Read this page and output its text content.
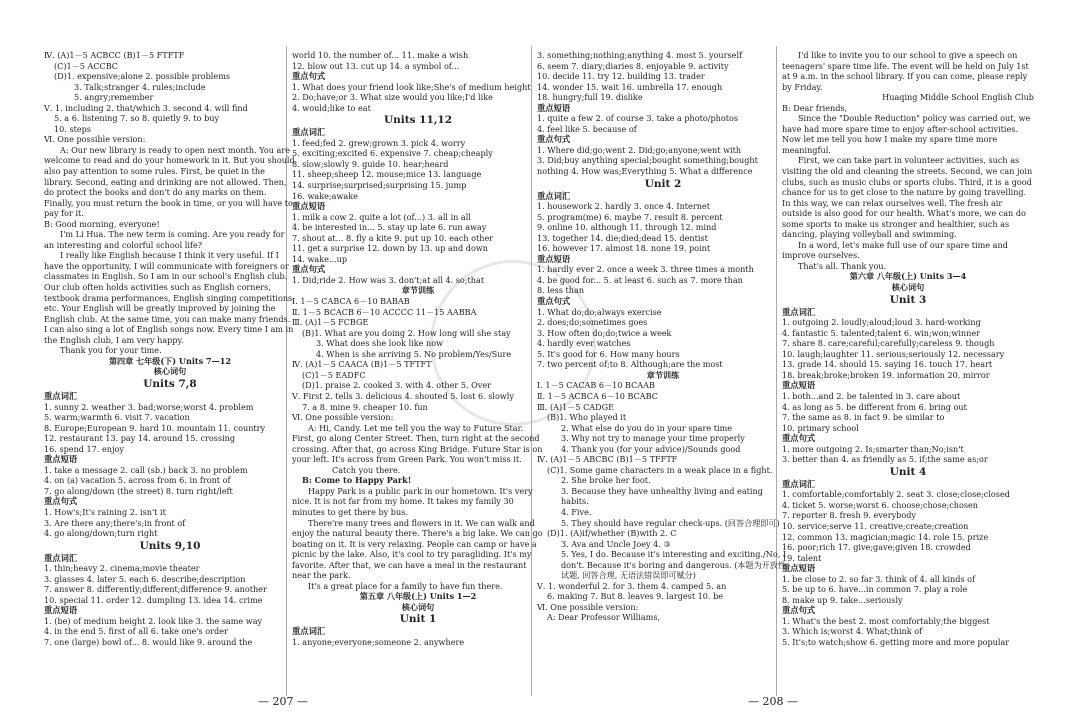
Ⅳ. (A)1－5 ACBCC (B)1－5 FTFTF

(C)1－5 ACCBC

(D)1. expensive;alone 2. possible problems

3. Talk;stranger 4. rules;include

5. angry;remember

Ⅴ. 1. including 2. that/which 3. second 4. will find

5. a 6. listening 7. so 8. quietly 9. to buy

10. steps

Ⅵ. One possible version:

A: Our new library is ready to open next month. You are welcome to read and do your homework in it. But you should also pay attention to some rules. First, be quiet in the library. Second, eating and drinking are not allowed. Then, do protect the books and don't do any marks on them. Finally, you must return the book in time, or you will have to pay for it.

B: Good morning, everyone!

I'm Li Hua. The new term is coming. Are you ready for an interesting and colorful school life?

I really like English because I think it very useful. If I have the opportunity, I will communicate with foreigners or classmates in English. So I am in our school's English club. Our club often holds activities such as English corners, textbook drama performances, English singing competitions, etc. Your English will be greatly improved by joining the English club. At the same time, you can make many friends. I can also sing a lot of English songs now. Every time I am in the English club, I am very happy.

Thank you for your time.

第四章 七年级(下) Units 7—12

核心词句

Units 7,8

重点词汇

1. sunny 2. weather 3. bad;worse;worst 4. problem

5. warm;warmth 6. visit 7. vacation

8. Europe;European 9. hard 10. mountain 11. country

12. restaurant 13. pay 14. around 15. crossing

16. spend 17. enjoy

重点短语

1. take a message 2. call (sb.) back 3. no problem

4. on (a) vacation 5. across from 6. in front of

7. go along/down (the street) 8. turn right/left

重点句式

1. How's;It's raining 2. isn't it

3. Are there any;there's;in front of

4. go along/down;turn right

Units 9,10

重点词汇

1. thin;heavy 2. cinema;movie theater

3. glasses 4. later 5. each 6. describe;description

7. answer 8. differently;different;difference 9. another

10. special 11. order 12. dumpling 13. idea 14. crime

重点短语

1. (be) of medium height 2. look like 3. the same way

4. in the end 5. first of all 6. take one's order

7. one (large) bowl of... 8. would like 9. around the

world 10. the number of... 11. make a wish

12. blow out 13. cut up 14. a symbol of...

重点句式

1. What does your friend look like;She's of medium height

2. Do;have;or 3. What size would you like;I'd like

4. would;like to eat

Units 11,12

重点词汇

1. feed;fed 2. grew;grown 3. pick 4. worry

5. exciting;excited 6. expensive 7. cheap;cheaply

8. slow;slowly 9. guide 10. hear;heard

11. sheep;sheep 12. mouse;mice 13. language

14. surprise;surprised;surprising 15. jump

16. wake;awake

重点短语

1. milk a cow 2. quite a lot (of...) 3. all in all

4. be interested in... 5. stay up late 6. run away

7. shout at... 8. fly a kite 9. put up 10. each other

11. get a surprise 12. down by 13. up and down

14. wake...up

重点句式

1. Did;ride 2. How was 3. don't;at all 4. so;that

章节训练

Ⅰ. 1－5 CABCA 6－10 BABAB

Ⅱ. 1－5 BCACB 6－10 ACCCC 11－15 AABBA

Ⅲ. (A)1－5 FCBGE

(B)1. What are you doing 2. How long will she stay

3. What does she look like now

4. When is she arriving 5. No problem/Yes/Sure

Ⅳ. (A)1－5 CAACA (B)1－5 TFTFT

(C)1－5 EADFC

(D)1. praise 2. cooked 3. with 4. other 5. Over

Ⅴ. First 2. tells 3. delicious 4. shouted 5. lost 6. slowly

7. a 8. mine 9. cheaper 10. fun

Ⅵ. One possible version:

A: Hi, Candy. Let me tell you the way to Future Star. First, go along Center Street. Then, turn right at the second crossing. After that, go across King Bridge. Future Star is on your left. It's across from Green Park. You won't miss it.

Catch you there.

B: Come to Happy Park!

Happy Park is a public park in our hometown. It's very nice. It is not far from my home. It takes my family 30 minutes to get there by bus.

There're many trees and flowers in it. We can walk and enjoy the natural beauty there. There's a big lake. We can go boating on it. It is very relaxing. People can camp or have a picnic by the lake. Also, it's cool to try paragliding. It's my favorite. After that, we can have a meal in the restaurant near the park.

It's a great place for a family to have fun there.

第五章 八年级(上) Units 1—2

核心词句

Unit 1

重点词汇

1. anyone;everyone;someone 2. anywhere

3. something;nothing;anything 4. most 5. yourself

6. seem 7. diary;diaries 8. enjoyable 9. activity

10. decide 11. try 12. building 13. trader

14. wonder 15. wait 16. umbrella 17. enough

18. hungry;full 19. dislike

重点短语

1. quite a few 2. of course 3. take a photo/photos

4. feel like 5. because of

重点句式

1. Where did;go;went 2. Did;go;anyone;went with

3. Did;buy anything special;bought something;bought nothing 4. How was;Everything 5. What a difference

Unit 2

重点词汇

1. housework 2. hardly 3. once 4. Internet

5. program(me) 6. maybe 7. result 8. percent

9. online 10. although 11. through 12. mind

13. together 14. die;died;dead 15. dentist

16. however 17. almost 18. none 19. point

重点短语

1. hardly ever 2. once a week 3. three times a month

4. be good for... 5. at least 6. such as 7. more than

8. less than

重点句式

1. What do;do;always exercise

2. does;do;sometimes goes

3. How often do;do;twice a week

4. hardly ever watches

5. It's good for 6. How many hours

7. two percent of;to 8. Although;are the most

章节训练

Ⅰ. 1－5 CACAB 6－10 BCAAB

Ⅱ. 1－5 ACBCA 6－10 BCABC

Ⅲ. (A)1－5 CADGE

(B)1. Who played it

2. What else do you do in your spare time

3. Why not try to manage your time properly

4. Thank you (for your advice)/Sounds good

Ⅳ. (A)1－5 ABCBC (B)1－5 TFFTF

(C)1. Some game characters in a weak place in a fight.

2. She broke her foot.

3. Because they have unhealthy living and eating habits.

4. Five.

5. They should have regular check-ups. (回答合理即可)

(D)1. (A)if/whether (B)with 2. C

3. Ava and Uncle Joey 4. ③

5. Yes, I do. Because it's interesting and exciting./No, I don't. Because it's boring and dangerous. (本题为开放性试题, 回答合理, 无语法错误即可赋分)

Ⅴ. 1. wonderful 2. for 3. them 4. camped 5. an

6. making 7. But 8. leaves 9. largest 10. be

Ⅵ. One possible version:

A: Dear Professor Williams,

I'd like to invite you to our school to give a speech on teenagers' spare time life. The event will be held on July 1st at 9 a.m. in the school library. If you can come, please reply by Friday.

Huaqing Middle School English Club

B: Dear friends,

Since the "Double Reduction" policy was carried out, we have had more spare time to enjoy after-school activities. Now let me tell you how I make my spare time more meaningful.

First, we can take part in volunteer activities, such as visiting the old and cleaning the streets. Second, we can join clubs, such as music clubs or sports clubs. Third, it is a good chance for us to get close to the nature by going travelling. In this way, we can relax ourselves well. The fresh air outside is also good for our health. What's more, we can do some sports to make us stronger and healthier, such as dancing, playing volleyball and swimming.

In a word, let's make full use of our spare time and improve ourselves.

That's all. Thank you.

第六章 八年级(上) Units 3—4

核心词句

Unit 3

重点词汇

1. outgoing 2. loudly;aloud;loud 3. hard-working

4. fantastic 5. talented;talent 6. win;won;winner

7. share 8. care;careful;carefully;careless 9. though

10. laugh;laughter 11. serious;seriously 12. necessary

13. grade 14. should 15. saying 16. touch 17. heart

18. break;broke;broken 19. information 20. mirror

重点短语

1. both...and 2. be talented in 3. care about

4. as long as 5. be different from 6. bring out

7. the same as 8. in fact 9. be similar to

10. primary school

重点句式

1. more outgoing 2. Is;smarter than;No;isn't

3. better than 4. as friendly as 5. if;the same as;or

Unit 4

重点词汇

1. comfortable;comfortably 2. seat 3. close;close;closed

4. ticket 5. worse;worst 6. choose;chose;chosen

7. reporter 8. fresh 9. everybody

10. service;serve 11. creative;create;creation

12. common 13. magician;magic 14. role 15. prize

16. poor;rich 17. give;gave;given 18. crowded

19. talent

重点短语

1. be close to 2. so far 3. think of 4. all kinds of

5. be up to 6. have...in common 7. play a role

8. make up 9. take...seriously

重点句式

1. What's the best 2. most comfortably;the biggest

3. Which is;worst 4. What;think of

5. It's;to watch;show 6. getting more and more popular

— 207 —	— 208 —
